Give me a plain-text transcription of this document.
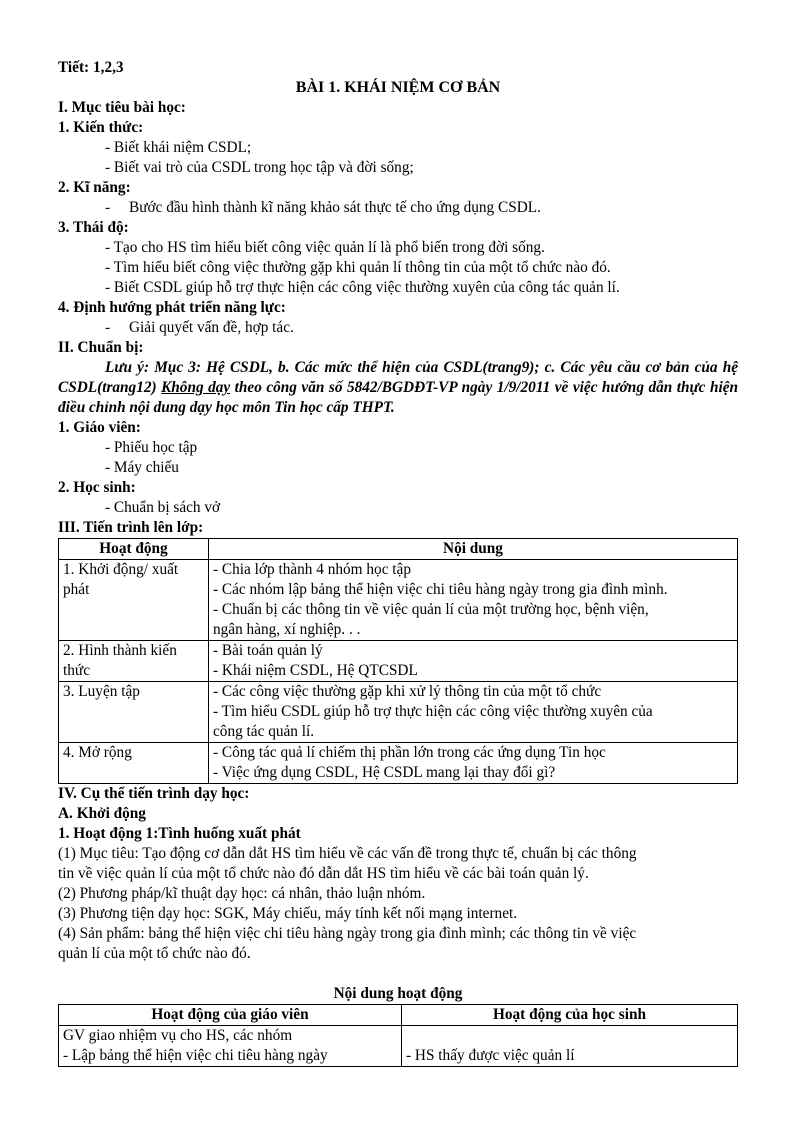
Tiết: 1,2,3
BÀI 1. KHÁI NIỆM CƠ BẢN
I. Mục tiêu bài học:
1. Kiến thức:
- Biết khái niệm CSDL;
- Biết vai trò của CSDL trong học tập và đời sống;
2. Kĩ năng:
- Bước đầu hình thành kĩ năng khảo sát thực tế cho ứng dụng CSDL.
3. Thái độ:
- Tạo cho HS tìm hiểu biết công việc quản lí là phổ biến trong đời sống.
- Tìm hiểu biết công việc thường gặp khi quản lí thông tin của một tổ chức nào đó.
- Biết CSDL giúp hỗ trợ thực hiện các công việc thường xuyên của công tác quản lí.
4. Định hướng phát triển năng lực:
- Giải quyết vấn đề, hợp tác.
II. Chuẩn bị:
Lưu ý: Mục 3: Hệ CSDL, b. Các mức thể hiện của CSDL(trang9); c. Các yêu cầu cơ bản của hệ CSDL(trang12) Không dạy theo công văn số 5842/BGDĐT-VP ngày 1/9/2011 về việc hướng dẫn thực hiện điều chỉnh nội dung dạy học môn Tin học cấp THPT.
1. Giáo viên:
- Phiếu học tập
- Máy chiếu
2. Học sinh:
- Chuẩn bị sách vở
III. Tiến trình lên lớp:
Hoạt động	Nội dung

1. Khởi động/ xuất
phát	- Chia lớp thành 4 nhóm học tập
- Các nhóm lập bảng thể hiện việc chi tiêu hàng ngày trong gia đình mình.
- Chuẩn bị các thông tin về việc quản lí của một trường học, bệnh viện,
ngân hàng, xí nghiệp. . .

2. Hình thành kiến
thức	- Bài toán quản lý
- Khái niệm CSDL, Hệ QTCSDL

3. Luyện tập	- Các công việc thường gặp khi xử lý thông tin của một tổ chức
- Tìm hiểu CSDL giúp hỗ trợ thực hiện các công việc thường xuyên của
công tác quản lí.

4. Mở rộng	- Công tác quả lí chiếm thị phần lớn trong các ứng dụng Tin học
- Việc ứng dụng CSDL, Hệ CSDL mang lại thay đổi gì?
IV. Cụ thể tiến trình dạy học:
A. Khởi động
1. Hoạt động 1:Tình huống xuất phát
(1) Mục tiêu: Tạo động cơ dẫn dắt HS tìm hiểu về các vấn đề trong thực tế, chuẩn bị các thông
tin về việc quản lí của một tổ chức nào đó dẫn dắt HS tìm hiểu về các bài toán quản lý.
(2) Phương pháp/kĩ thuật dạy học: cá nhân, thảo luận nhóm.
(3) Phương tiện dạy học: SGK, Máy chiếu, máy tính kết nối mạng internet.
(4) Sản phẩm: bảng thể hiện việc chi tiêu hàng ngày trong gia đình mình; các thông tin về việc
quản lí của một tổ chức nào đó.
Nội dung hoạt động
Hoạt động của giáo viên	Hoạt động của học sinh

GV giao nhiệm vụ cho HS, các nhóm
- Lập bảng thể hiện việc chi tiêu hàng ngày	- HS thấy được việc quản lí
